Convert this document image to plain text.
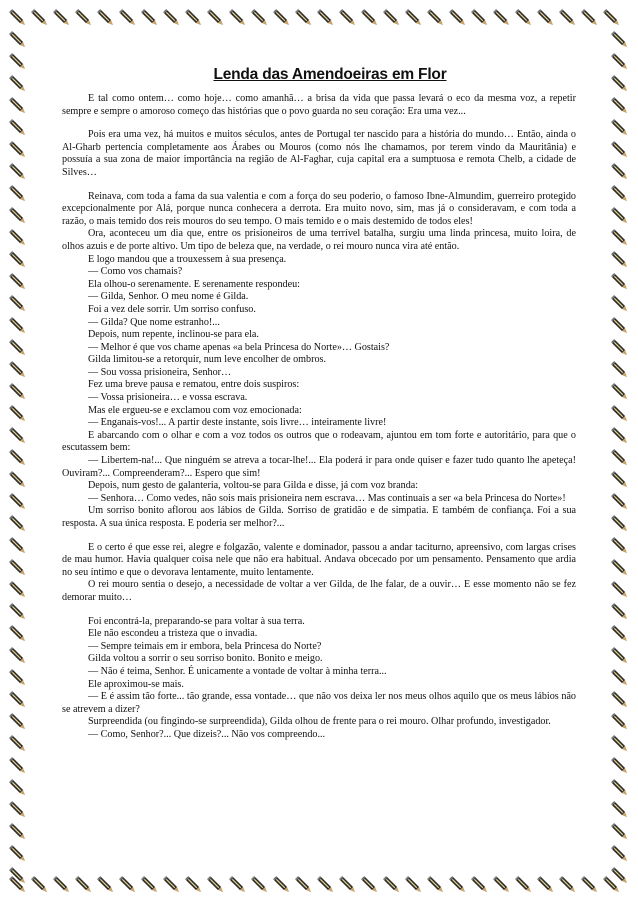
Lenda das Amendoeiras em Flor

E tal como ontem… como hoje… como amanhã… a brisa da vida que passa levará o eco da mesma voz, a repetir sempre e sempre o amoroso começo das histórias que o povo guarda no seu coração: Era uma vez...

Pois era uma vez, há muitos e muitos séculos, antes de Portugal ter nascido para a história do mundo… Então, ainda o Al-Gharb pertencia completamente aos Árabes ou Mouros (como nós lhe chamamos, por terem vindo da Mauritânia) e possuía a sua zona de maior importância na região de Al-Faghar, cuja capital era a sumptuosa e remota Chelb, a cidade de Silves…

Reinava, com toda a fama da sua valentia e com a força do seu poderio, o famoso Ibne-Almundim, guerreiro protegido excepcionalmente por Alá, porque nunca conhecera a derrota. Era muito novo, sim, mas já o consideravam, e com toda a razão, o mais temido dos reis mouros do seu tempo. O mais temido e o mais destemido de todos eles!

Ora, aconteceu um dia que, entre os prisioneiros de uma terrível batalha, surgiu uma linda princesa, muito loira, de olhos azuis e de porte altivo. Um tipo de beleza que, na verdade, o rei mouro nunca vira até então.

E logo mandou que a trouxessem à sua presença.

— Como vos chamais?

Ela olhou-o serenamente. E serenamente respondeu:

— Gilda, Senhor. O meu nome é Gilda.

Foi a vez dele sorrir. Um sorriso confuso.

— Gilda? Que nome estranho!...

Depois, num repente, inclinou-se para ela.

— Melhor é que vos chame apenas «a bela Princesa do Norte»… Gostais?

Gilda limitou-se a retorquir, num leve encolher de ombros.

— Sou vossa prisioneira, Senhor…

Fez uma breve pausa e rematou, entre dois suspiros:

— Vossa prisioneira… e vossa escrava.

Mas ele ergueu-se e exclamou com voz emocionada:

— Enganais-vos!... A partir deste instante, sois livre… inteiramente livre!

E abarcando com o olhar e com a voz todos os outros que o rodeavam, ajuntou em tom forte e autoritário, para que o escutassem bem:

— Libertem-na!... Que ninguém se atreva a tocar-lhe!... Ela poderá ir para onde quiser e fazer tudo quanto lhe apeteça! Ouviram?... Compreenderam?... Espero que sim!

Depois, num gesto de galanteria, voltou-se para Gilda e disse, já com voz branda:

— Senhora… Como vedes, não sois mais prisioneira nem escrava… Mas continuais a ser «a bela Princesa do Norte»!

Um sorriso bonito aflorou aos lábios de Gilda. Sorriso de gratidão e de simpatia. E também de confiança. Foi a sua resposta. A sua única resposta. E poderia ser melhor?...

E o certo é que esse rei, alegre e folgazão, valente e dominador, passou a andar taciturno, apreensivo, com largas crises de mau humor. Havia qualquer coisa nele que não era habitual. Andava obcecado por um pensamento. Pensamento que ardia no seu íntimo e que o devorava lentamente, muito lentamente.

O rei mouro sentia o desejo, a necessidade de voltar a ver Gilda, de lhe falar, de a ouvir… E esse momento não se fez demorar muito…

Foi encontrá-la, preparando-se para voltar à sua terra.

Ele não escondeu a tristeza que o invadia.

— Sempre teimais em ir embora, bela Princesa do Norte?

Gilda voltou a sorrir o seu sorriso bonito. Bonito e meigo.

— Não é teima, Senhor. É unicamente a vontade de voltar à minha terra...

Ele aproximou-se mais.

— E é assim tão forte... tão grande, essa vontade… que não vos deixa ler nos meus olhos aquilo que os meus lábios não se atrevem a dizer?

Surpreendida (ou fingindo-se surpreendida), Gilda olhou de frente para o rei mouro. Olhar profundo, investigador.

— Como, Senhor?... Que dizeis?... Não vos compreendo...
